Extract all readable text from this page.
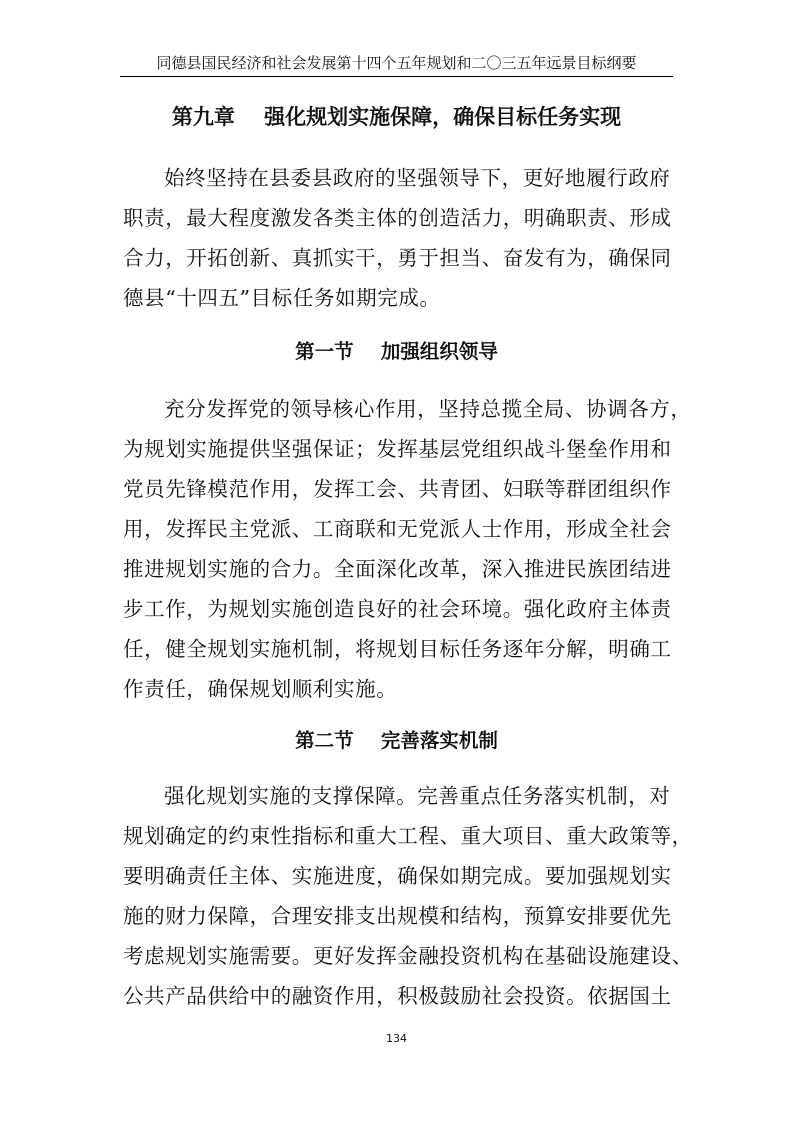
同德县国民经济和社会发展第十四个五年规划和二〇三五年远景目标纲要
第九章    强化规划实施保障，确保目标任务实现
始终坚持在县委县政府的坚强领导下，更好地履行政府
职责，最大程度激发各类主体的创造活力，明确职责、形成
合力，开拓创新、真抓实干，勇于担当、奋发有为，确保同
德县“十四五”目标任务如期完成。
第一节    加强组织领导
充分发挥党的领导核心作用，坚持总揽全局、协调各方，
为规划实施提供坚强保证；发挥基层党组织战斗堡垒作用和
党员先锋模范作用，发挥工会、共青团、妇联等群团组织作
用，发挥民主党派、工商联和无党派人士作用，形成全社会
推进规划实施的合力。全面深化改革，深入推进民族团结进
步工作，为规划实施创造良好的社会环境。强化政府主体责
任，健全规划实施机制，将规划目标任务逐年分解，明确工
作责任，确保规划顺利实施。
第二节    完善落实机制
强化规划实施的支撑保障。完善重点任务落实机制，对
规划确定的约束性指标和重大工程、重大项目、重大政策等，
要明确责任主体、实施进度，确保如期完成。要加强规划实
施的财力保障，合理安排支出规模和结构，预算安排要优先
考虑规划实施需要。更好发挥金融投资机构在基础设施建设、
公共产品供给中的融资作用，积极鼓励社会投资。依据国土
134
